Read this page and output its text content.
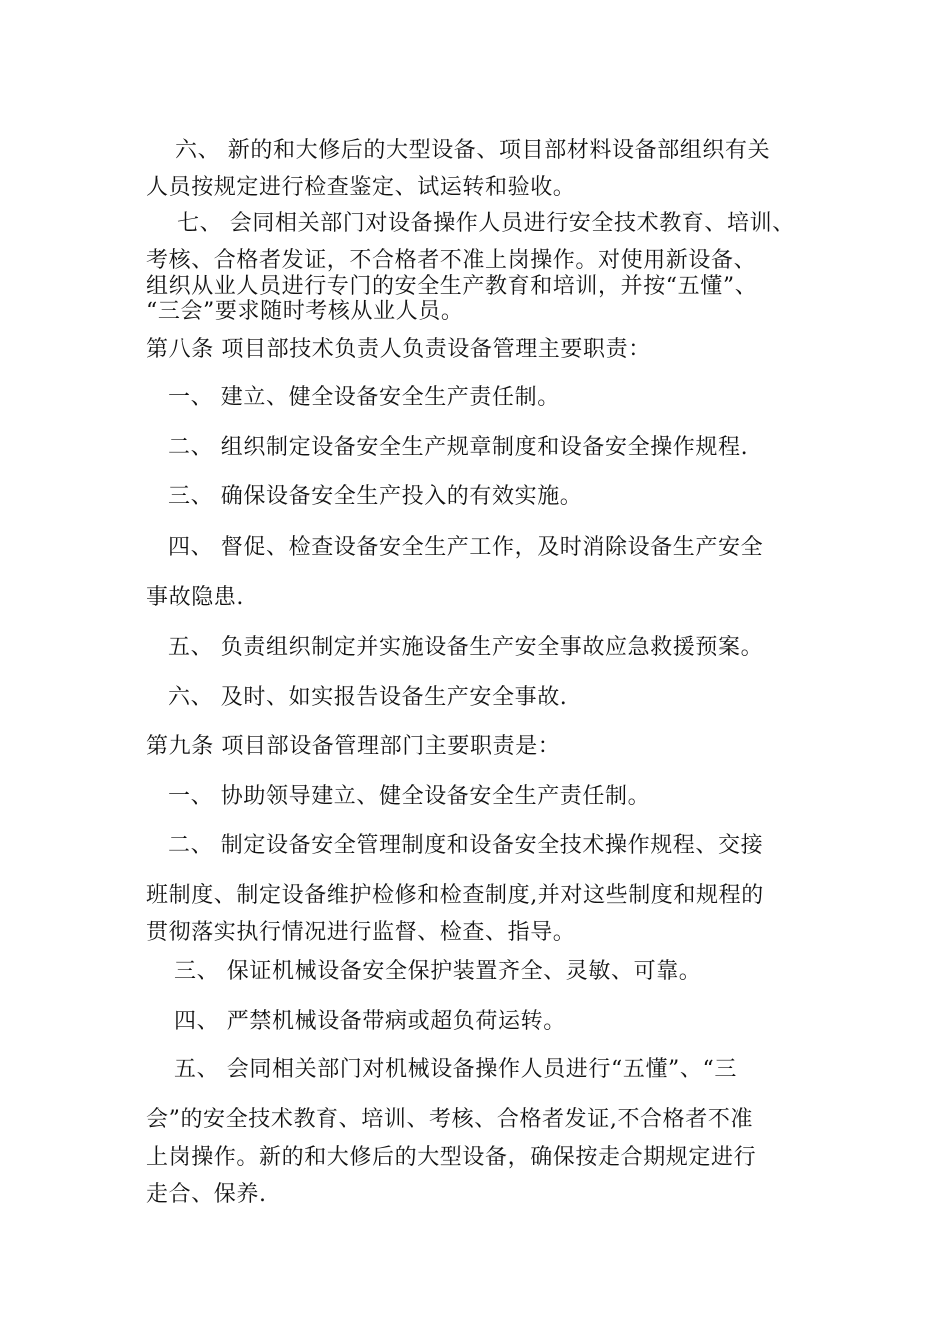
六、 新的和大修后的大型设备、项目部材料设备部组织有关
人员按规定进行检查鉴定、试运转和验收。
七、 会同相关部门对设备操作人员进行安全技术教育、培训、
考核、合格者发证，不合格者不准上岗操作。对使用新设备、
组织从业人员进行专门的安全生产教育和培训，并按“五懂”、
“三会”要求随时考核从业人员。
第八条 项目部技术负责人负责设备管理主要职责：
一、 建立、健全设备安全生产责任制。
二、 组织制定设备安全生产规章制度和设备安全操作规程.
三、 确保设备安全生产投入的有效实施。
四、 督促、检查设备安全生产工作，及时消除设备生产安全
事故隐患.
五、 负责组织制定并实施设备生产安全事故应急救援预案。
六、 及时、如实报告设备生产安全事故.
第九条 项目部设备管理部门主要职责是：
一、 协助领导建立、健全设备安全生产责任制。
二、 制定设备安全管理制度和设备安全技术操作规程、交接
班制度、制定设备维护检修和检查制度,并对这些制度和规程的
贯彻落实执行情况进行监督、检查、指导。
三、 保证机械设备安全保护装置齐全、灵敏、可靠。
四、 严禁机械设备带病或超负荷运转。
五、 会同相关部门对机械设备操作人员进行“五懂”、“三
会”的安全技术教育、培训、考核、合格者发证,不合格者不准
上岗操作。新的和大修后的大型设备，确保按走合期规定进行
走合、保养.
